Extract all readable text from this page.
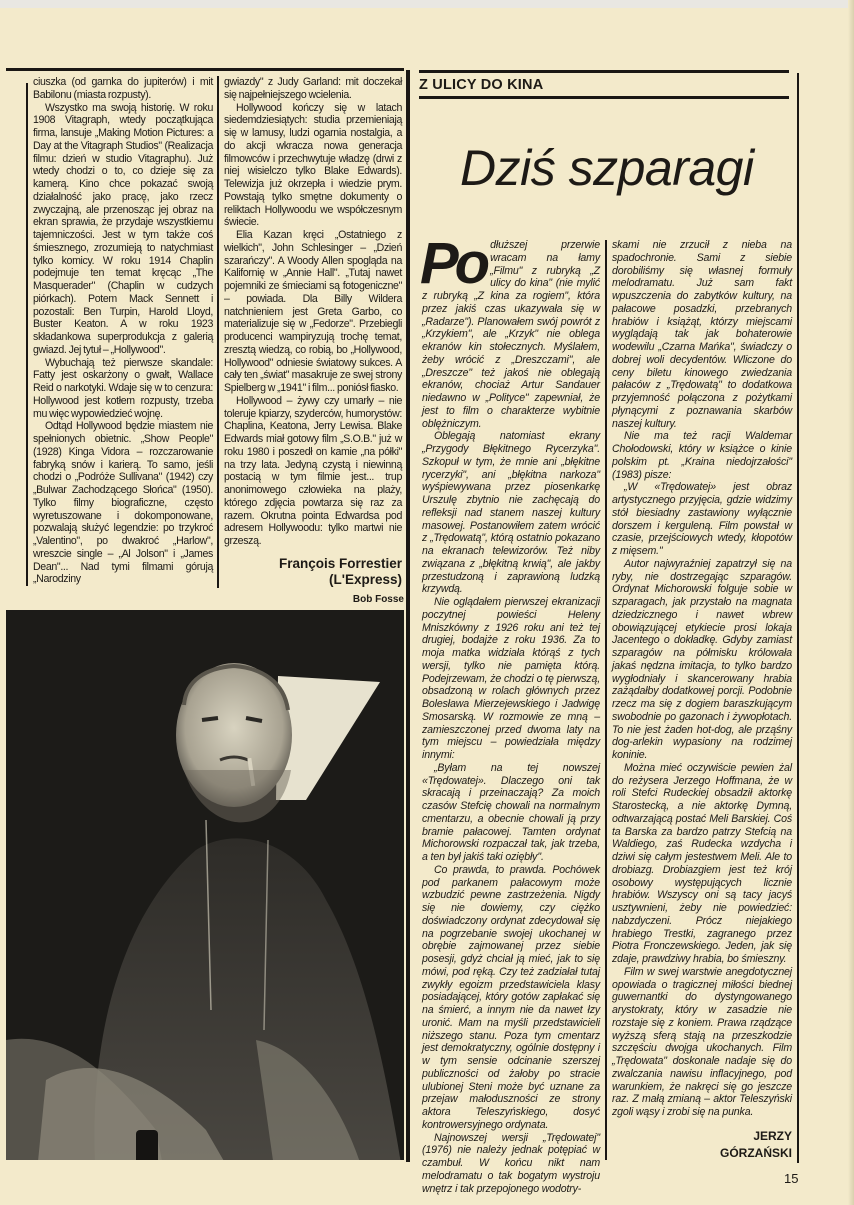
ciuszka (od garnka do jupiterów) i mit Babilonu (miasta rozpusty).

Wszystko ma swoją historię. W roku 1908 Vitagraph, wtedy początkująca firma, lansuje „Making Motion Pictures: a Day at the Vitagraph Studios" (Realizacja filmu: dzień w studio Vitagraphu). Już wtedy chodzi o to, co dzieje się za kamerą. Kino chce pokazać swoją działalność jako pracę, jako rzecz zwyczajną, ale przenosząc jej obraz na ekran sprawia, że przydaje wszystkiemu tajemniczości. Jest w tym także coś śmiesznego, zrozumieją to natychmiast tylko komicy. W roku 1914 Chaplin podejmuje ten temat kręcąc „The Masquerader" (Chaplin w cudzych piórkach). Potem Mack Sennett i pozostali: Ben Turpin, Harold Lloyd, Buster Keaton. A w roku 1923 składankowa superprodukcja z galerią gwiazd. Jej tytuł – „Hollywood".

Wybuchają też pierwsze skandale: Fatty jest oskarżony o gwałt, Wallace Reid o narkotyki. Wdaje się w to cenzura: Hollywood jest kotłem rozpusty, trzeba mu więc wypowiedzieć wojnę.

Odtąd Hollywood będzie miastem nie spełnionych obietnic. „Show People" (1928) Kinga Vidora – rozczarowanie fabryką snów i karierą. To samo, jeśli chodzi o „Podróże Sullivana" (1942) czy „Bulwar Zachodzącego Słońca" (1950). Tylko filmy biograficzne, często wyretuszowane i dokomponowane, pozwalają służyć legendzie: po trzykroć „Valentino", po dwakroć „Harlow", wreszcie single – „Al Jolson" i „James Dean"... Nad tymi filmami górują „Narodziny

gwiazdy" z Judy Garland: mit doczekał się najpełniejszego wcielenia.

Hollywood kończy się w latach siedemdziesiątych: studia przemieniają się w lamusy, ludzi ogarnia nostalgia, a do akcji wkracza nowa generacja filmowców i przechwytuje władzę (drwi z niej wisielczo tylko Blake Edwards). Telewizja już okrzepła i wiedzie prym. Powstają tylko smętne dokumenty o reliktach Hollywoodu we współczesnym świecie.

Elia Kazan kręci „Ostatniego z wielkich", John Schlesinger – „Dzień szarańczy". A Woody Allen spogląda na Kalifornię w „Annie Hall". „Tutaj nawet pojemniki ze śmieciami są fotogeniczne" – powiada. Dla Billy Wildera natchnieniem jest Greta Garbo, co materializuje się w „Fedorze". Przebiegli producenci wampiryzują trochę temat, zresztą wiedzą, co robią, bo „Hollywood, Hollywood" odniesie światowy sukces. A cały ten „świat" masakruje ze swej strony Spielberg w „1941" i film... poniósł fiasko.

Hollywood – żywy czy umarły – nie toleruje kpiarzy, szyderców, humorystów: Chaplina, Keatona, Jerry Lewisa. Blake Edwards miał gotowy film „S.O.B." już w roku 1980 i poszedł on kamie „na półki" na trzy lata. Jedyną czystą i niewinną postacią w tym filmie jest... trup anonimowego człowieka na plaży, którego zdjęcia powtarza się raz za razem. Okrutna pointa Edwardsa pod adresem Hollywoodu: tylko martwi nie grzeszą.

François Forrestier
(L'Express)
Bob Fosse
Z ULICY DO KINA
Dziś szparagi

Po dłuższej przerwie wracam na łamy „Filmu" z rubryką „Z ulicy do kina" (nie mylić z rubryką „Z kina za rogiem", która przez jakiś czas ukazywała się w „Radarze"). Planowałem swój powrót z „Krzykiem", ale „Krzyk" nie oblega ekranów kin stołecznych. Myślałem, żeby wrócić z „Dreszczami", ale „Dreszcze" też jakoś nie oblegają ekranów, chociaż Artur Sandauer niedawno w „Polityce" zapewniał, że jest to film o charakterze wybitnie oblężniczym.

Oblegają natomiast ekrany „Przygody Błękitnego Rycerzyka". Szkopuł w tym, że mnie ani „błękitne rycerzyki", ani „błękitna narkoza" wyśpiewywana przez piosenkarkę Urszulę zbytnio nie zachęcają do refleksji nad stanem naszej kultury masowej. Postanowiłem zatem wrócić z „Trędowatą", którą ostatnio pokazano na ekranach telewizorów. Też niby związana z „błękitną krwią", ale jakby przestudzoną i zaprawioną ludzką krzywdą.

Nie oglądałem pierwszej ekranizacji poczytnej powieści Heleny Mniszkówny z 1926 roku ani też tej drugiej, bodajże z roku 1936. Za to moja matka widziała którąś z tych wersji, tylko nie pamięta którą. Podejrzewam, że chodzi o tę pierwszą, obsadzoną w rolach głównych przez Bolesława Mierzejewskiego i Jadwigę Smosarską. W rozmowie ze mną – zamieszczonej przed dwoma laty na tym miejscu – powiedziała między innymi:

„Byłam na tej nowszej «Trędowatej». Dlaczego oni tak skracają i przeinaczają? Za moich czasów Stefcię chowali na normalnym cmentarzu, a obecnie chowali ją przy bramie pałacowej. Tamten ordynat Michorowski rozpaczał tak, jak trzeba, a ten był jakiś taki oziębły".

Co prawda, to prawda. Pochówek pod parkanem pałacowym może wzbudzić pewne zastrzeżenia. Nigdy się nie dowiemy, czy ciężko doświadczony ordynat zdecydował się na pogrzebanie swojej ukochanej w obrębie zajmowanej przez siebie posesji, gdyż chciał ją mieć, jak to się mówi, pod ręką. Czy też zadziałał tutaj zwykły egoizm przedstawiciela klasy posiadającej, który gotów zapłakać się na śmierć, a innym nie da nawet łzy uronić. Mam na myśli przedstawicieli niższego stanu. Poza tym cmentarz jest demokratyczny, ogólnie dostępny i w tym sensie odcinanie szerszej publiczności od żałoby po stracie ulubionej Steni może być uznane za przejaw małoduszności ze strony aktora Teleszyńskiego, dosyć kontrowersyjnego ordynata.

Najnowszej wersji „Trędowatej" (1976) nie należy jednak potępiać w czambuł. W końcu nikt nam melodramatu o tak bogatym wystroju wnętrz i tak przepojonego wodotry-

skami nie zrzucił z nieba na spadochronie. Sami z siebie dorobiliśmy się własnej formuły melodramatu. Już sam fakt wpuszczenia do zabytków kultury, na pałacowe posadzki, przebranych hrabiów i książąt, którzy miejscami wyglądają tak jak bohaterowie wodewilu „Czarna Mańka", świadczy o dobrej woli decydentów. Wliczone do ceny biletu kinowego zwiedzania pałaców z „Trędowatą" to dodatkowa przyjemność połączona z pożytkami płynącymi z poznawania skarbów naszej kultury.

Nie ma też racji Waldemar Chołodowski, który w książce o kinie polskim pt. „Kraina niedojrzałości" (1983) pisze:

„W «Trędowatej» jest obraz artystycznego przyjęcia, gdzie widzimy stół biesiadny zastawiony wyłącznie dorszem i kerguleną. Film powstał w czasie, przejściowych wtedy, kłopotów z mięsem."

Autor najwyraźniej zapatrzył się na ryby, nie dostrzegając szparagów. Ordynat Michorowski folguje sobie w szparagach, jak przystało na magnata dziedzicznego i nawet wbrew obowiązującej etykiecie prosi lokaja Jacentego o dokładkę. Gdyby zamiast szparagów na półmisku królowała jakaś nędzna imitacja, to tylko bardzo wygłodniały i skancerowany hrabia zażądałby dodatkowej porcji. Podobnie rzecz ma się z dogiem baraszkującym swobodnie po gazonach i żywopłotach. To nie jest żaden hot-dog, ale prząśny dog-arlekin wypasiony na rodzimej koninie.

Można mieć oczywiście pewien żal do reżysera Jerzego Hoffmana, że w roli Stefci Rudeckiej obsadził aktorkę Starostecką, a nie aktorkę Dymną, odtwarzającą postać Meli Barskiej. Coś ta Barska za bardzo patrzy Stefcią na Waldiego, zaś Rudecka wzdycha i dziwi się całym jestestwem Meli. Ale to drobiazg. Drobiazgiem jest też krój osobowy występujących licznie hrabiów. Wszyscy oni są tacy jacyś usztywnieni, żeby nie powiedzieć: nabzdyczeni. Prócz niejakiego hrabiego Trestki, zagranego przez Piotra Fronczewskiego. Jeden, jak się zdaje, prawdziwy hrabia, bo śmieszny.

Film w swej warstwie anegdotycznej opowiada o tragicznej miłości biednej guwernantki do dystyngowanego arystokraty, który w zasadzie nie rozstaje się z koniem. Prawa rządzące wyższą sferą stają na przeszkodzie szczęściu dwojga ukochanych. Film „Trędowata" doskonale nadaje się do zwalczania nawisu inflacyjnego, pod warunkiem, że nakręci się go jeszcze raz. Z małą zmianą – aktor Teleszyński zgoli wąsy i zrobi się na punka.

JERZY
GÓRZAŃSKI
15
